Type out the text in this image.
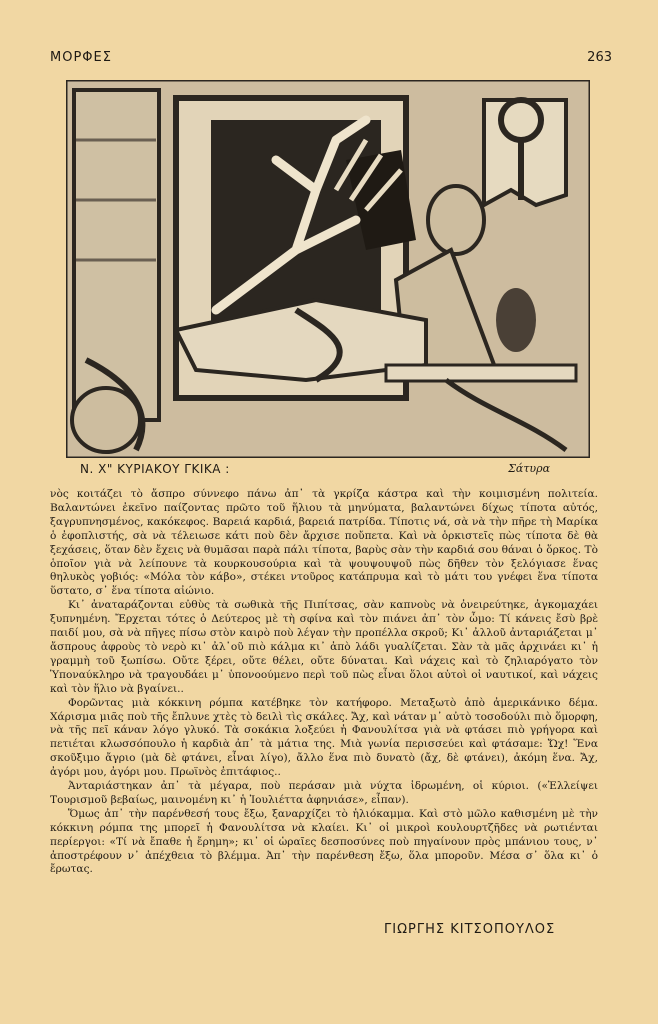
ΜΟΡΦΕΣ	263
Ν. Χ" ΚΥΡΙΑΚΟΥ ΓΚΙΚΑ :	Σάτυρα

νὸς κοιτάζει τὸ ἄσπρο σύννεφο πάνω ἀπ᾽ τὰ γκρίζα κάστρα καὶ τὴν κοιμισμένη πολιτεία. Βαλαντώνει ἐκεῖνο παίζοντας πρῶτο τοῦ ἥλιου τὰ μηνύματα, βαλαντώνει δίχως τίποτα αὐτός, ξαγρυπνησμένος, κακόκεφος. Βαρειά καρδιά, βαρειά πατρίδα. Τίποτις νά, σὰ νὰ τὴν πῆρε τὴ Μαρίκα ὁ ἐφοπλιστής, σὰ νὰ τέλειωσε κάτι ποὺ δὲν ἄρχισε ποὔπετα. Καὶ νὰ ὁρκιστεῖς πὼς τίποτα δὲ θὰ ξεχάσεις, ὅταν δὲν ἔχεις νὰ θυμᾶσαι παρὰ πάλι τίποτα, βαρὺς σὰν τὴν καρδιά σου θάναι ὁ ὅρκος. Τὸ ὁποῖον γιὰ νὰ λείπουνε τὰ κουρκουσούρια καὶ τὰ ψουψουψοῦ πὼς δῆθεν τὸν ξελόγιασε ἕνας θηλυκὸς γοβιός: «Μόλα τὸν κάβο», στέκει ντοῦρος κατάπρυμα καὶ τὸ μάτι του γνέφει ἕνα τίποτα ὕστατο, σ᾽ ἕνα τίποτα αἰώνιο.

Κι᾽ ἀναταράζονται εὐθὺς τὰ σωθικὰ τῆς Πιπίτσας, σὰν καπνοὺς νὰ ὀνειρεύτηκε, ἀγκομαχάει ξυπνημένη. Ἔρχεται τότες ὁ Δεύτερος μὲ τὴ σφίνα καὶ τὸν πιάνει ἀπ᾽ τὸν ὦμο: Τί κάνεις ἔσὺ βρὲ παιδί μου, σὰ νὰ πῆγες πίσω στὸν καιρὸ ποὺ λέγαν τὴν προπέλλα σκροῦ; Κι᾽ ἀλλοῦ ἀνταριάζεται μ᾽ ἄσπρους ἀφροὺς τὸ νερὸ κι᾽ ἀλ᾽οῦ πιὸ κάλμα κι᾽ ἀπὸ λάδι γυαλίζεται. Σὰν τὰ μᾶς ἀρχινάει κι᾽ ἡ γραμμὴ τοῦ ξωπίσω. Οὔτε ξέρει, οὔτε θέλει, οὔτε δύναται. Καὶ νάχεις καὶ τὸ ζηλιαρόγατο τὸν Ὑποναύκληρο νὰ τραγουδάει μ᾽ ὑπονοούμενο περὶ τοῦ πὼς εἶναι ὅλοι αὐτοὶ οἱ ναυτικοί, καὶ νάχεις καὶ τὸν ἥλιο νὰ βγαίνει..

Φορῶντας μιὰ κόκκινη ρόμπα κατέβηκε τὸν κατήφορο. Μεταξωτὸ ἀπὸ ἀμερικάνικο δέμα. Χάρισμα μιᾶς ποὺ τῆς ἔπλυνε χτὲς τὸ δειλὶ τὶς σκάλες. Ἄχ, καὶ νάταν μ᾽ αὐτὸ τοσοδούλι πιὸ ὅμορφη, νὰ τῆς πεῖ κάναν λόγο γλυκό. Τὰ σοκάκια λοξεύει ἡ Φανουλίτσα γιὰ νὰ φτάσει πιὸ γρήγορα καὶ πετιέται κλωσσόπουλο ἡ καρδιὰ ἀπ᾽ τὰ μάτια της. Μιὰ γωνία περισσεύει καὶ φτάσαμε: Ὤχ! Ἕνα σκοῦξιμο ἄγριο (μὰ δὲ φτάνει, εἶναι λίγο), ἄλλο ἕνα πιὸ δυνατὸ (ἄχ, δὲ φτάνει), ἀκόμη ἕνα. Ἄχ, ἀγόρι μου, ἀγόρι μου. Πρωϊνὸς ἐπιτάφιος..

Ἀνταριάστηκαν ἀπ᾽ τὰ μέγαρα, ποὺ περάσαν μιὰ νύχτα ἱδρωμένη, οἱ κύριοι. («Ἐλλείψει Τουρισμοῦ βεβαίως, μαινομένη κι᾽ ἡ Ἰουλιέττα ἀφηνιάσε», εἶπαν).

Ὅμως ἀπ᾽ τὴν παρένθεσή τους ἔξω, ξαναρχίζει τὸ ἡλιόκαμμα. Καὶ στὸ μῶλο καθισμένη μὲ τὴν κόκκινη ρόμπα της μπορεῖ ἡ Φανουλίτσα νὰ κλαίει. Κι᾽ οἱ μικροὶ κουλουρτζῆδες νὰ ρωτιένται περίεργοι: «Τί νὰ ἔπαθε ἡ ἔρημη»; κι᾽ οἱ ὡραῖες δεσποσύνες ποὺ πηγαίνουν πρὸς μπάνιου τους, ν᾽ ἀποστρέφουν ν᾽ ἀπέχθεια τὸ βλέμμα. Ἀπ᾽ τὴν παρένθεση ἔξω, ὅλα μποροῦν. Μέσα σ᾽ ὅλα κι᾽ ὁ ἔρωτας.

ΓΙΩΡΓΗΣ ΚΙΤΣΟΠΟΥΛΟΣ
